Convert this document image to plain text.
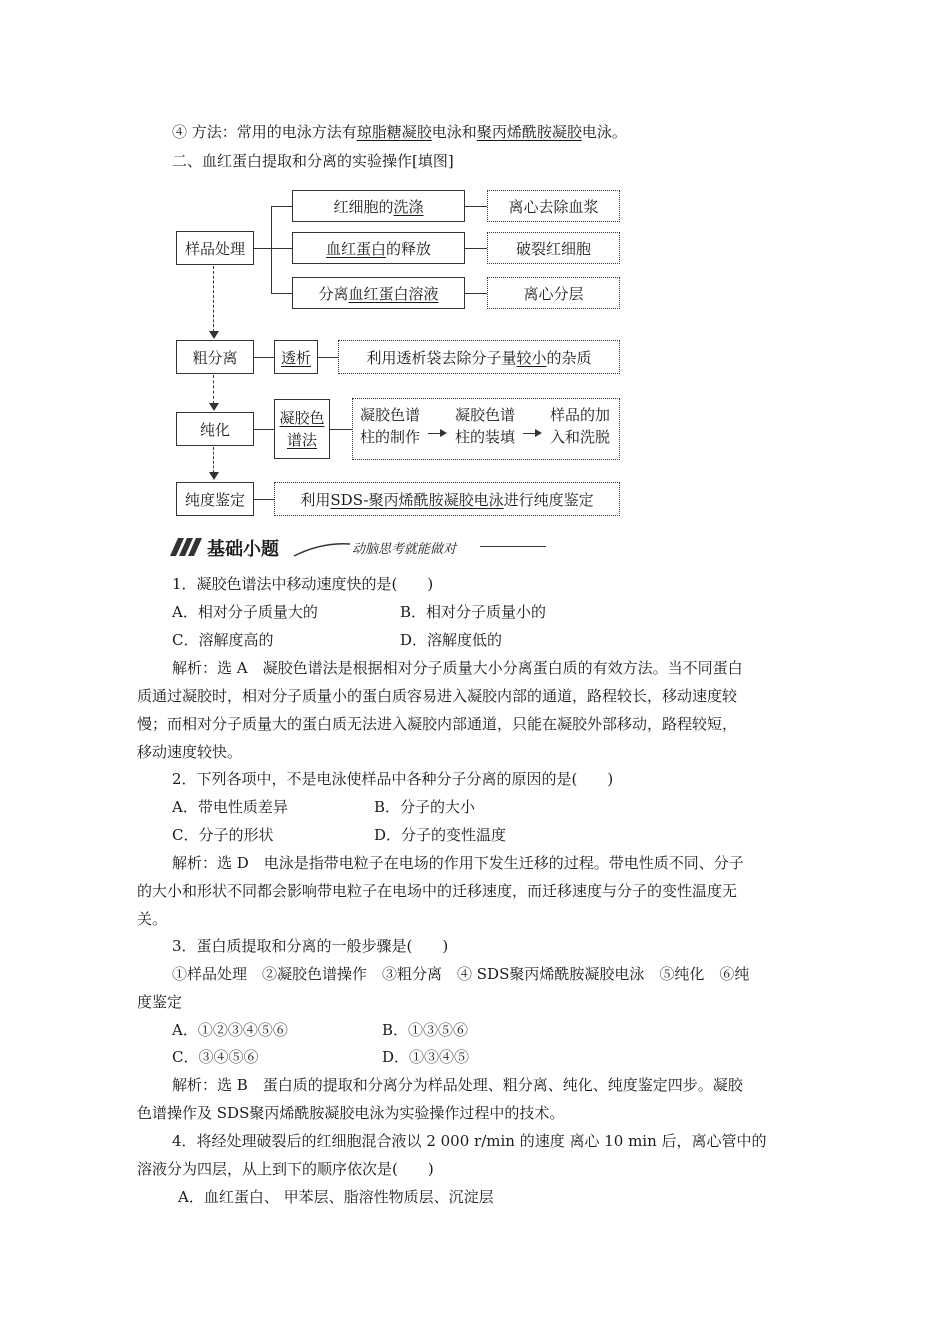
④ 方法：常用的电泳方法有琼脂糖凝胶电泳和聚丙烯酰胺凝胶电泳。
二、血红蛋白提取和分离的实验操作[填图]
样品处理
红细胞的 洗涤	离心去除血浆
血红蛋白 的释放	破裂红细胞
分离 血红蛋白溶液	离心分层
粗分离	透析	利用透析袋去除分子量 较小 的杂质
纯化
凝胶色
谱法
凝胶色谱
柱的制作
凝胶色谱
柱的装填
样品的加
入和洗脱
纯度鉴定	利用 SDS-聚丙烯酰胺凝胶电泳 进行纯度鉴定
基础小题	动脑思考就能做对
1．凝胶色谱法中移动速度快的是(　　)
A．相对分子质量大的	B．相对分子质量小的
C．溶解度高的	D．溶解度低的
解析：选 A　凝胶色谱法是根据相对分子质量大小分离蛋白质的有效方法。当不同蛋白
质通过凝胶时，相对分子质量小的蛋白质容易进入凝胶内部的通道，路程较长，移动速度较
慢；而相对分子质量大的蛋白质无法进入凝胶内部通道，只能在凝胶外部移动，路程较短，
移动速度较快。
2．下列各项中，不是电泳使样品中各种分子分离的原因的是(　　)
A．带电性质差异	B．分子的大小
C．分子的形状	D．分子的变性温度
解析：选 D　电泳是指带电粒子在电场的作用下发生迁移的过程。带电性质不同、分子
的大小和形状不同都会影响带电粒子在电场中的迁移速度，而迁移速度与分子的变性温度无
关。
3．蛋白质提取和分离的一般步骤是(　　)
①样品处理　②凝胶色谱操作　③粗分离　④ SDS聚丙烯酰胺凝胶电泳　⑤纯化　⑥纯
度鉴定
A．①②③④⑤⑥	B．①③⑤⑥
C．③④⑤⑥	D．①③④⑤
解析：选 B　蛋白质的提取和分离分为样品处理、粗分离、纯化、纯度鉴定四步。凝胶
色谱操作及 SDS聚丙烯酰胺凝胶电泳为实验操作过程中的技术。
4．将经处理破裂后的红细胞混合液以 2 000 r/min 的速度 离心 10 min 后，离心管中的
溶液分为四层，从上到下的顺序依次是(　　)
A．血红蛋白、 甲苯层、脂溶性物质层、沉淀层
